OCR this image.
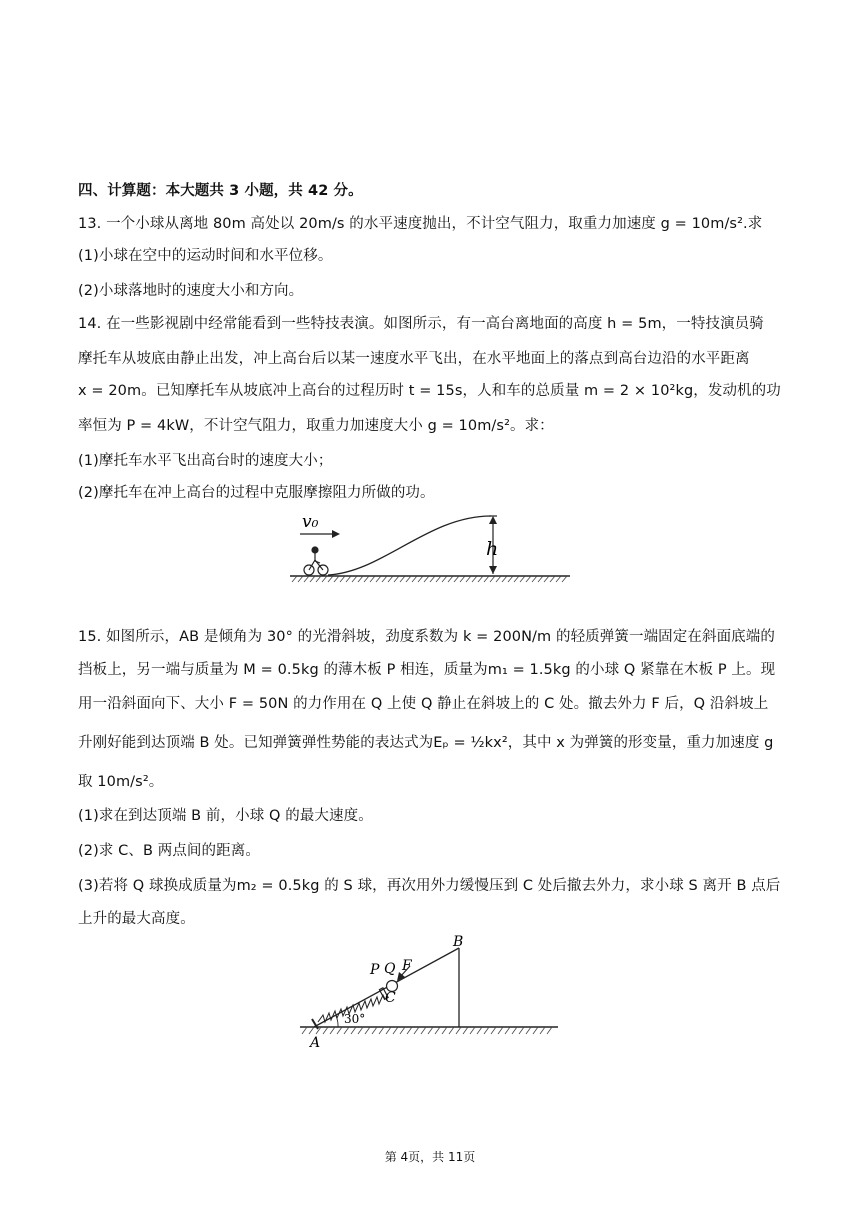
四、计算题：本大题共 3 小题，共 42 分。
13. 一个小球从离地 80m 高处以 20m/s 的水平速度抛出，不计空气阻力，取重力加速度 g = 10m/s².求
(1)小球在空中的运动时间和水平位移。
(2)小球落地时的速度大小和方向。
14. 在一些影视剧中经常能看到一些特技表演。如图所示，有一高台离地面的高度 h = 5m，一特技演员骑
摩托车从坡底由静止出发，冲上高台后以某一速度水平飞出，在水平地面上的落点到高台边沿的水平距离
x = 20m。已知摩托车从坡底冲上高台的过程历时 t = 15s，人和车的总质量 m = 2 × 10²kg，发动机的功
率恒为 P = 4kW，不计空气阻力，取重力加速度大小 g = 10m/s²。求：
(1)摩托车水平飞出高台时的速度大小；
(2)摩托车在冲上高台的过程中克服摩擦阻力所做的功。
v₀
h
15. 如图所示，AB 是倾角为 30° 的光滑斜坡，劲度系数为 k = 200N/m 的轻质弹簧一端固定在斜面底端的
挡板上，另一端与质量为 M = 0.5kg 的薄木板 P 相连，质量为m₁ = 1.5kg 的小球 Q 紧靠在木板 P 上。现
用一沿斜面向下、大小 F = 50N 的力作用在 Q 上使 Q 静止在斜坡上的 C 处。撤去外力 F 后，Q 沿斜坡上
升刚好能到达顶端 B 处。已知弹簧弹性势能的表达式为Eₚ = ½kx²，其中 x 为弹簧的形变量，重力加速度 g
取 10m/s²。
(1)求在到达顶端 B 前，小球 Q 的最大速度。
(2)求 C、B 两点间的距离。
(3)若将 Q 球换成质量为m₂ = 0.5kg 的 S 球，再次用外力缓慢压到 C 处后撤去外力，求小球 S 离开 B 点后
上升的最大高度。
B
P Q F
C
A
30°
第 4页，共 11页
